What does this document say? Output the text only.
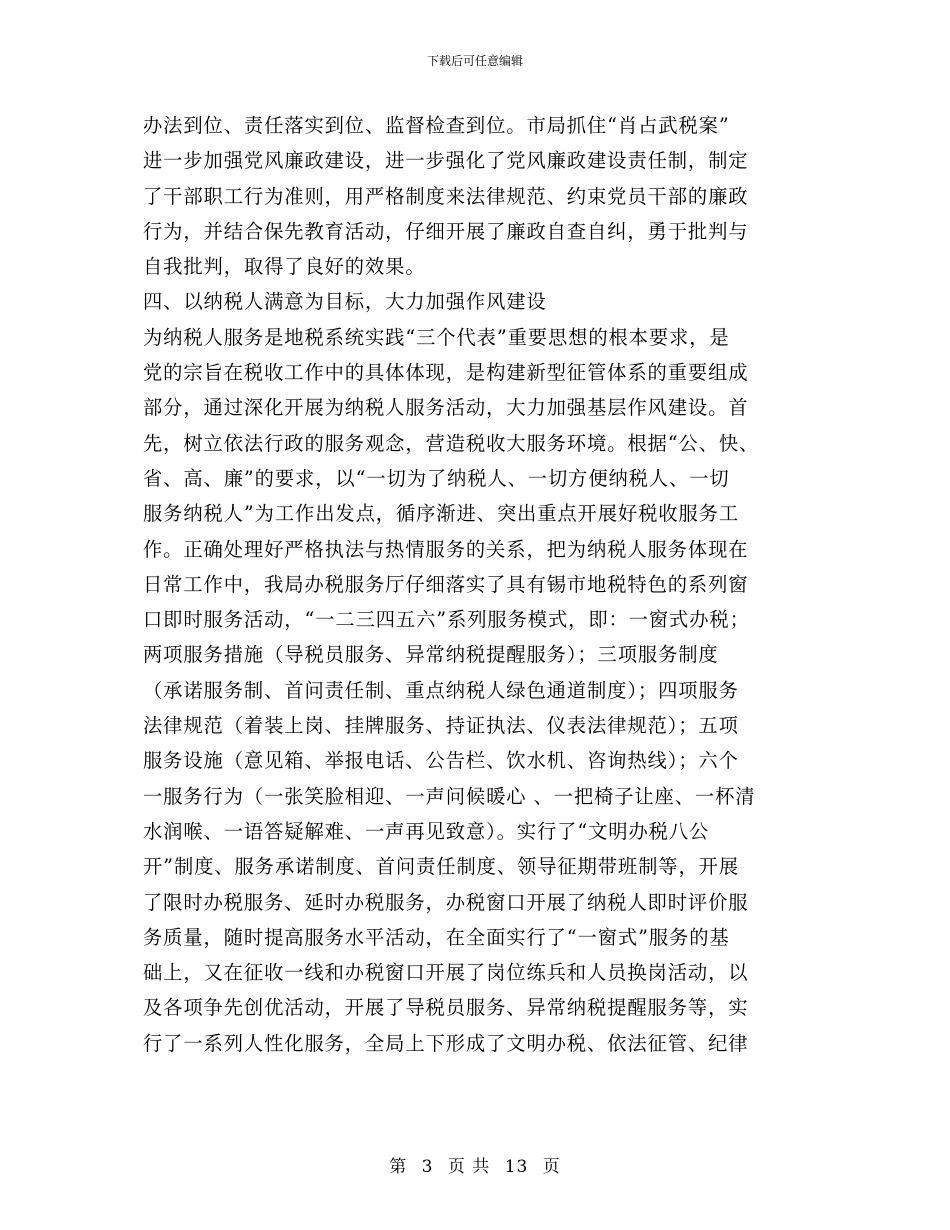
下载后可任意编辑
办法到位、责任落实到位、监督检查到位。市局抓住“肖占武税案”
进一步加强党风廉政建设，进一步强化了党风廉政建设责任制，制定
了干部职工行为准则，用严格制度来法律规范、约束党员干部的廉政
行为，并结合保先教育活动，仔细开展了廉政自查自纠，勇于批判与
自我批判，取得了良好的效果。
四、以纳税人满意为目标，大力加强作风建设
为纳税人服务是地税系统实践“三个代表”重要思想的根本要求，是
党的宗旨在税收工作中的具体体现，是构建新型征管体系的重要组成
部分，通过深化开展为纳税人服务活动，大力加强基层作风建设。首
先，树立依法行政的服务观念，营造税收大服务环境。根据“公、快、
省、高、廉”的要求，以“一切为了纳税人、一切方便纳税人、一切
服务纳税人”为工作出发点，循序渐进、突出重点开展好税收服务工
作。正确处理好严格执法与热情服务的关系，把为纳税人服务体现在
日常工作中，我局办税服务厅仔细落实了具有锡市地税特色的系列窗
口即时服务活动，“一二三四五六”系列服务模式，即：一窗式办税；
两项服务措施（导税员服务、异常纳税提醒服务）；三项服务制度
（承诺服务制、首问责任制、重点纳税人绿色通道制度）；四项服务
法律规范（着装上岗、挂牌服务、持证执法、仪表法律规范）；五项
服务设施（意见箱、举报电话、公告栏、饮水机、咨询热线）；六个
一服务行为（一张笑脸相迎、一声问候暖心 、一把椅子让座、一杯清
水润喉、一语答疑解难、一声再见致意）。实行了“文明办税八公
开”制度、服务承诺制度、首问责任制度、领导征期带班制等，开展
了限时办税服务、延时办税服务，办税窗口开展了纳税人即时评价服
务质量，随时提高服务水平活动，在全面实行了“一窗式”服务的基
础上，又在征收一线和办税窗口开展了岗位练兵和人员换岗活动，以
及各项争先创优活动，开展了导税员服务、异常纳税提醒服务等，实
行了一系列人性化服务，全局上下形成了文明办税、依法征管、纪律
第 3 页 共 13 页
